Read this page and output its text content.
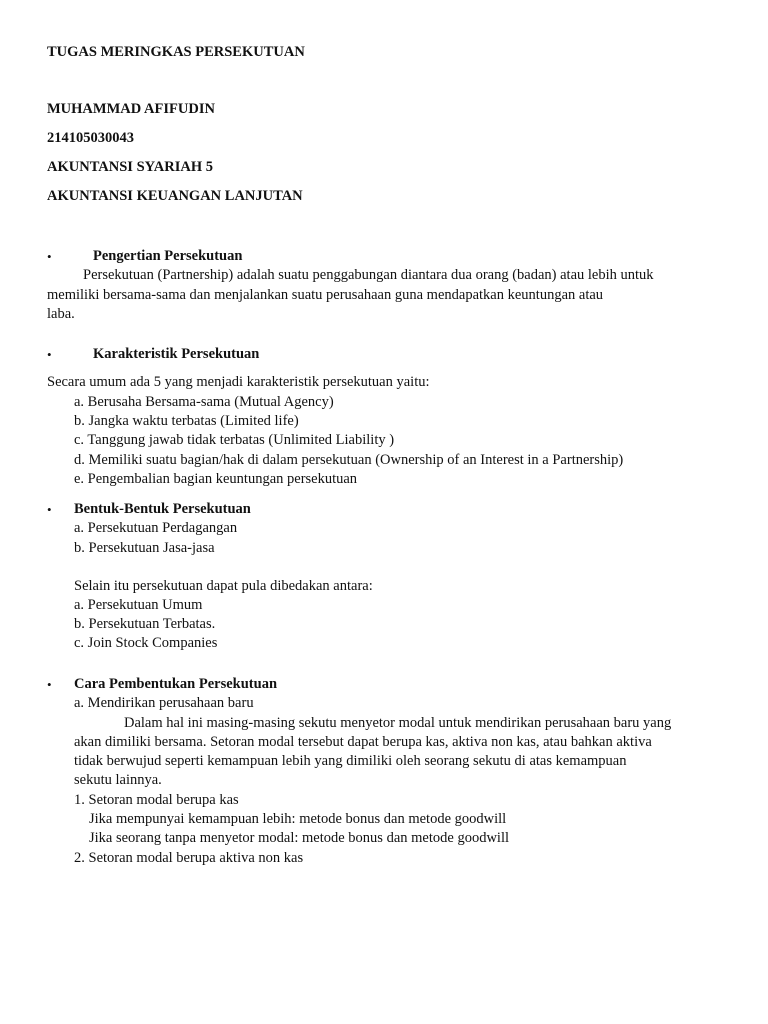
TUGAS MERINGKAS PERSEKUTUAN
MUHAMMAD AFIFUDIN
214105030043
AKUNTANSI SYARIAH 5
AKUNTANSI KEUANGAN LANJUTAN
•	Pengertian Persekutuan
Persekutuan (Partnership) adalah suatu penggabungan diantara dua orang (badan) atau lebih untuk
memiliki bersama-sama dan menjalankan suatu perusahaan guna mendapatkan keuntungan atau
laba.
•	Karakteristik Persekutuan
Secara umum ada 5 yang menjadi karakteristik persekutuan yaitu:
a. Berusaha Bersama-sama (Mutual Agency)
b. Jangka waktu terbatas (Limited life)
c. Tanggung jawab tidak terbatas (Unlimited Liability )
d. Memiliki suatu bagian/hak di dalam persekutuan (Ownership of an Interest in a Partnership)
e. Pengembalian bagian keuntungan persekutuan
• Bentuk-Bentuk Persekutuan
a. Persekutuan Perdagangan
b. Persekutuan Jasa-jasa
Selain itu persekutuan dapat pula dibedakan antara:
a. Persekutuan Umum
b. Persekutuan Terbatas.
c. Join Stock Companies
• Cara Pembentukan Persekutuan
a. Mendirikan perusahaan baru
Dalam hal ini masing-masing sekutu menyetor modal untuk mendirikan perusahaan baru yang
akan dimiliki bersama. Setoran modal tersebut dapat berupa kas, aktiva non kas, atau bahkan aktiva
tidak berwujud seperti kemampuan lebih yang dimiliki oleh seorang sekutu di atas kemampuan
sekutu lainnya.
1. Setoran modal berupa kas
Jika mempunyai kemampuan lebih: metode bonus dan metode goodwill
Jika seorang tanpa menyetor modal: metode bonus dan metode goodwill
2. Setoran modal berupa aktiva non kas
